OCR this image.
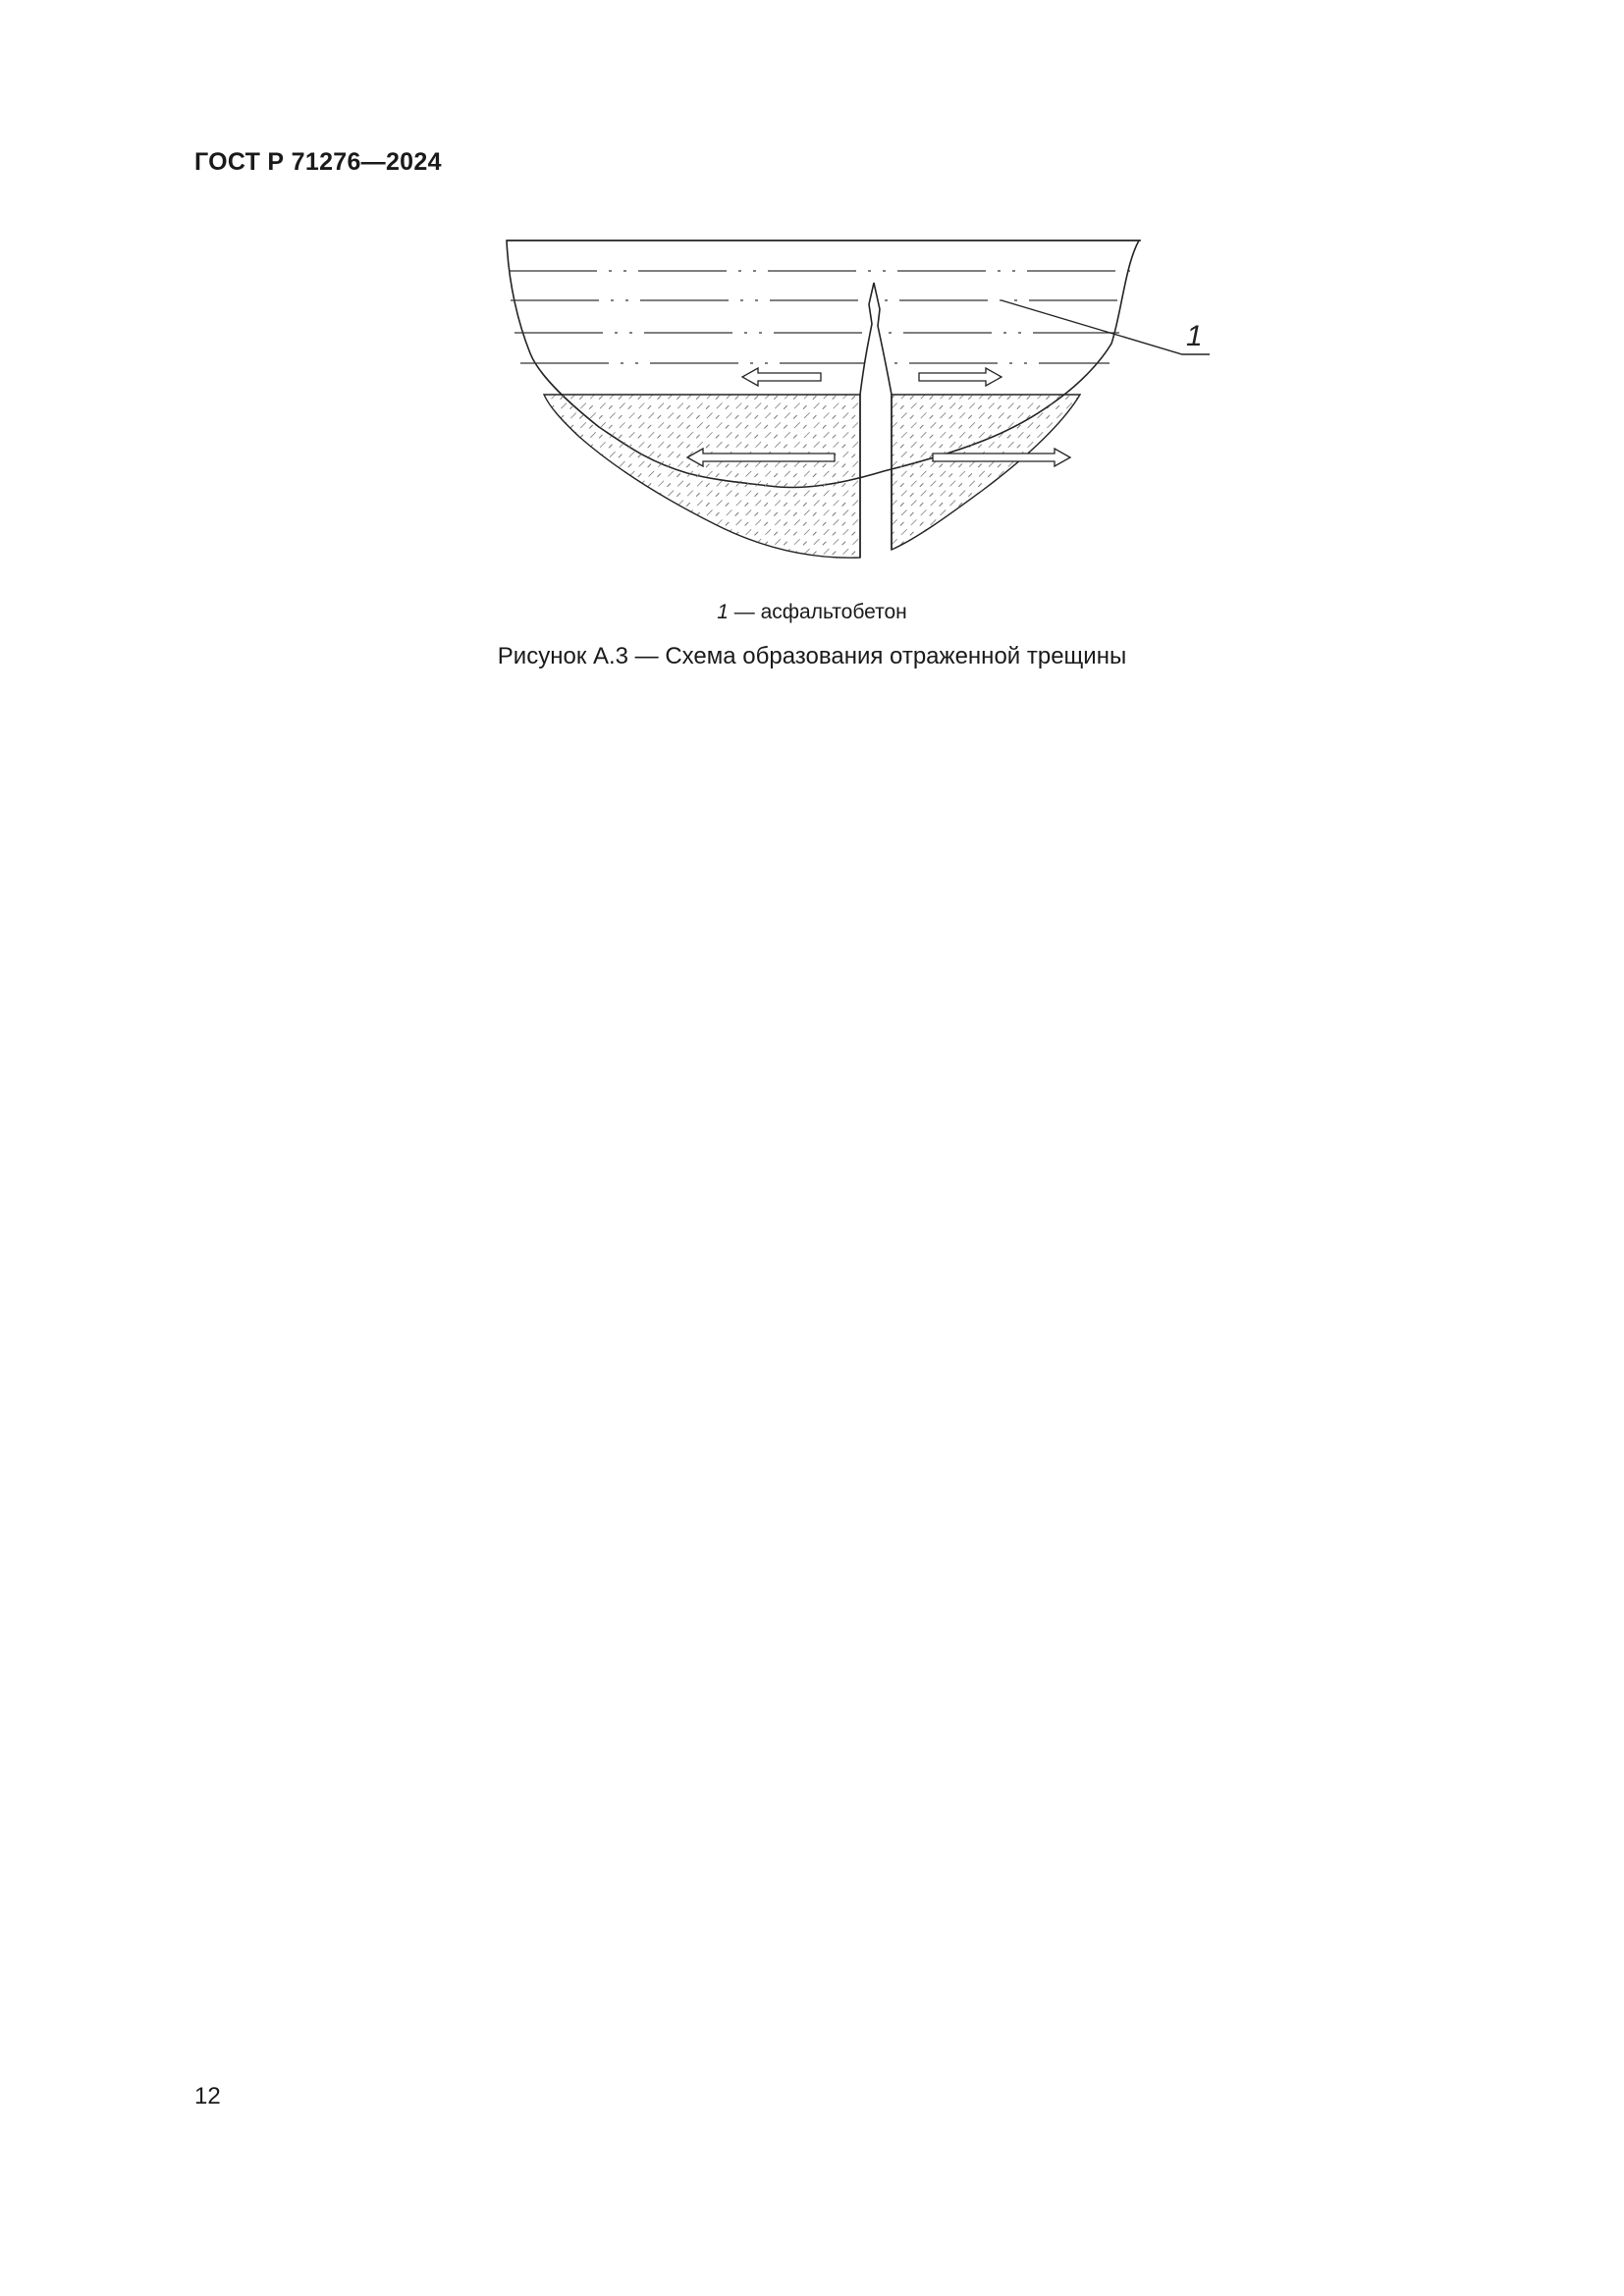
ГОСТ Р 71276—2024
1
1 — асфальтобетон
Рисунок А.3 — Схема образования отраженной трещины
12
